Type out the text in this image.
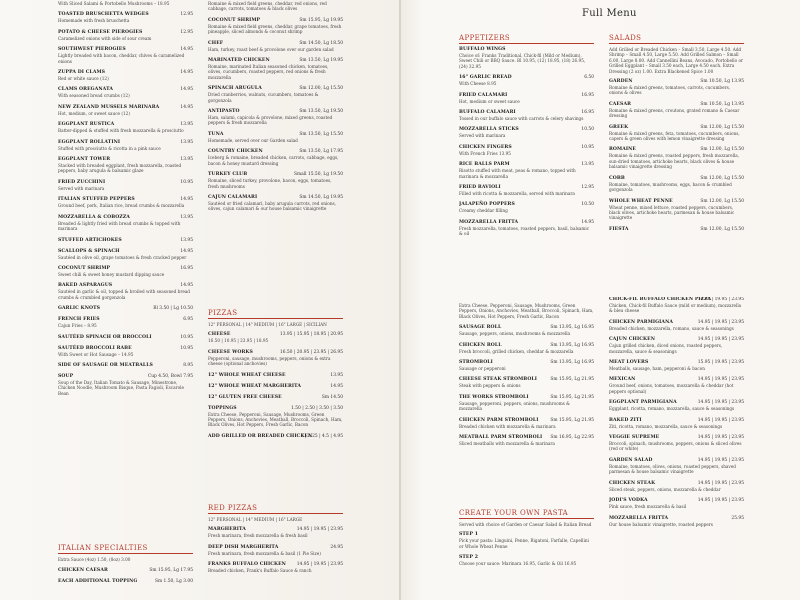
Full Menu
With Sliced Salami & Portobello Mushrooms – 18.95
TOASTED BRUSCHETTA WEDGES	12.95
Homemade with fresh bruschetta
POTATO & CHEESE PIEROGIES	12.95
Caramelized onions with side of sour cream
SOUTHWEST PIEROGIES	14.95
Lightly breaded with bacon, cheddar, chives & caramelized onions
ZUPPA DI CLAMS	14.95
Red or white sauce (12)
CLAMS OREGANATA	14.95
With seasoned bread crumbs (12)
NEW ZEALAND MUSSELS MARINARA	14.95
Hot, medium, or sweet sauce (12)
EGGPLANT RUSTICA	13.95
Batter-dipped & stuffed with fresh mozzarella & prosciutto
EGGPLANT ROLLATINI	13.95
Stuffed with prosciutto & ricotta in a pink sauce
EGGPLANT TOWER	13.95
Stacked with breaded eggplant, fresh mozzarella, roasted peppers, baby arugula & balsamic glaze
FRIED ZUCCHINI	10.95
Served with marinara
ITALIAN STUFFED PEPPERS	14.95
Ground beef, pork, Italian rice, bread crumbs & mozzarella
MOZZARELLA & COBOZZA	13.95
Breaded & lightly fried with bread crumbs & topped with marinara
STUFFED ARTICHOKES	13.95
SCALLOPS & SPINACH	14.95
Sautéed in olive oil, grape tomatoes & fresh cracked pepper
COCONUT SHRIMP	16.95
Sweet chili & sweet honey mustard dipping sauce
BAKED ASPARAGUS	14.95
Sautéed in garlic & oil, topped & broiled with seasoned bread crumbs & crumbled gorgonzola
GARLIC KNOTS	Bl 3.50 | Lg 10.50
FRENCH FRIES	6.95
Cajun Fries – 8.95
SAUTÉED SPINACH OR BROCCOLI	10.95
SAUTÉED BROCCOLI RABE	10.95
With Sweet or Hot Sausage – 14.95
SIDE OF SAUSAGE OR MEATBALLS	8.95
SOUP	Cup 4.50, Bowl 7.95
Soup of the Day, Italian Tomato & Sausage, Minestrone, Chicken Noodle, Mushroom Bisque, Pasta Fagioli, Escarole Bean
ITALIAN SPECIALTIES
Extra Sauce (4oz) 1.50, (8oz) 3.00
CHICKEN CAESAR	Sm 15.95, Lg 17.95
EACH ADDITIONAL TOPPING	Sm 1.50, Lg 3.00
Romaine & mixed field greens, cheddar, red onions, red cabbage, carrots, tomatoes & black olives
COCONUT SHRIMP	Sm 15.95, Lg 19.95
Romaine & mixed field greens, cheddar, grape tomatoes, fresh pineapple, sliced almonds & coconut shrimp
CHEF	Sm 14.50, Lg 18.50
Ham, turkey, roast beef & provolone over our garden salad
MARINATED CHICKEN	Sm 13.50, Lg 19.95
Romaine, marinated Italian seasoned chicken, tomatoes, olives, cucumbers, roasted peppers, red onions & fresh mozzarella
SPINACH ARUGULA	Sm 12.00, Lg 15.50
Dried cranberries, walnuts, cucumbers, tomatoes & gorgonzola
ANTIPASTO	Sm 13.50, Lg 19.50
Ham, salami, capicola & provolone, mixed greens, roasted peppers & fresh mozzarella
TUNA	Sm 13.50, Lg 15.50
Homemade, served over our Garden salad
COUNTRY CHICKEN	Sm 13.50, Lg 17.95
Iceberg & romaine, breaded chicken, carrots, cabbage, eggs, bacon & honey mustard dressing
TURKEY CLUB	Small 15.50, Lg 19.50
Romaine, sliced turkey, provolone, bacon, eggs, tomatoes, fresh mushrooms
CAJUN CALAMARI	Sm 14.50, Lg 19.95
Sautéed or fried calamari, baby arugula carrots, red onions, olives, cajun calamari & our house balsamic vinaigrette
PIZZAS
12" PERSONAL | 14" MEDIUM | 16" LARGE | SICILIAN
CHEESE	13.95 | 15.95 | 18.95 | 20.95
16.50 | 10.95 | 23.95 | 18.95
CHEESE WORKS	16.50 | 20.95 | 23.95 | 26.95
Pepperoni, sausage, mushrooms, peppers, onions & extra cheese (optional anchovies)
12" WHOLE WHEAT CHEESE	13.95
12" WHOLE WHEAT MARGHERITA	14.95
12" GLUTEN FREE CHEESE	Sm 14.50
TOPPINGS	1.50 | 2.50 | 3.50 | 3.50
Extra Cheese, Pepperoni, Sausage, Mushrooms, Green Peppers, Onions, Anchovies, Meatball, Broccoli, Spinach, Ham, Black Olives, Hot Peppers, Fresh Garlic, Bacon
ADD GRILLED OR BREADED CHICKEN
3 | 3.25 | 4.5 | 4.95
RED PIZZAS
12" PERSONAL | 14" MEDIUM | 16" LARGE
MARGHERITA	14.95 | 19.95 | 23.95
Fresh marinara, fresh mozzarella & fresh basil
DEEP DISH MARGHERITA	24.95
Fresh marinara, fresh mozzarella & basil (1 Pie Size)
FRANKS BUFFALO CHICKEN	14.95 | 19.95 | 23.95
Breaded chicken, Frank's Buffalo Sauce & ranch
APPETIZERS
BUFFALO WINGS
Choice of: Franks Traditional, Chick-fil (Mild or Medium), Sweet Chili or BBQ Sauce. Bl 10.95, (12) 18.95, (18) 26.95, (24) 32.95
16" GARLIC BREAD	6.50
With Cheese 8.95
FRIED CALAMARI	16.95
Hot, medium or sweet sauce
BUFFALO CALAMARI	16.95
Tossed in our buffalo sauce with carrots & celery shavings
MOZZARELLA STICKS	10.50
Served with marinara
CHICKEN FINGERS	10.95
With French Fries 13.95
RICE BALLS PARM	13.95
Risotto stuffed with meat, peas & romano, topped with marinara & mozzarella
FRIED RAVIOLI	12.95
Filled with ricotta & mozzarella, served with marinara
JALAPEÑO POPPERS	10.50
Creamy cheddar filling
MOZZARELLA FRITTA	14.95
Fresh mozzarella, tomatoes, roasted peppers, basil, balsamic & oil
Extra Cheese, Pepperoni, Sausage, Mushrooms, Green Peppers, Onions, Anchovies, Meatball, Broccoli, Spinach, Ham, Black Olives, Hot Peppers, Fresh Garlic, Bacon
SAUSAGE ROLL	Sm 13.95, Lg 16.95
Sausage, peppers, onions, mushrooms & mozzarella
CHICKEN ROLL	Sm 13.95, Lg 16.95
Fresh broccoli, grilled chicken, cheddar & mozzarella
STROMBOLI	Sm 13.95, Lg 16.95
Sausage or pepperoni
CHEESE STEAK STROMBOLI	Sm 15.95, Lg 21.95
Steak with peppers & onions
THE WORKS STROMBOLI	Sm 15.95, Lg 21.95
Sausage, pepperoni, peppers, onions, mushrooms & mozzarella
CHICKEN PARM STROMBOLI	Sm 15.95, Lg 21.95
Breaded chicken with mozzarella & marinara
MEATBALL PARM STROMBOLI	Sm 16.95, Lg 22.95
Sliced meatballs with mozzarella & marinara
CREATE YOUR OWN PASTA
Served with choice of Garden or Caesar Salad & Italian Bread
STEP 1
Pick your pasta: Linguini, Penne, Rigatoni, Farfalle, Capellini or Whole Wheat Penne
STEP 2
Choose your sauce: Marinara 16.95, Garlic & Oil 16.95
SALADS
Add Grilled or Breaded Chicken – Small 3.50, Large 4.50. Add Shrimp – Small 4.50, Large 5.50. Add Grilled Salmon – Small 6.00, Large 8.00. Add Cannellini Beans, Avocado, Portobello or Grilled Eggplant – Small 3.50 each, Large 4.50 each. Extra Dressing (2 oz) 1.00. Extra Blackened Spice 1.00
GARDEN	Sm 10.50, Lg 13.95
Romaine & mixed greens, tomatoes, carrots, cucumbers, onions & olives
CAESAR	Sm 10.50, Lg 13.95
Romaine & mixed greens, croutons, grated romano & Caesar dressing
GREEK	Sm 12.00, Lg 15.50
Romaine & mixed greens, feta, tomatoes, cucumbers, onions, capers & green olives with lemon vinaigrette dressing
ROMAINE	Sm 12.00, Lg 15.50
Romaine & mixed greens, roasted peppers, fresh mozzarella, sun-dried tomatoes, artichoke hearts, black olives & house balsamic vinaigrette dressing
COBB	Sm 12.00, Lg 15.50
Romaine, tomatoes, mushrooms, eggs, bacon & crumbled gorgonzola
WHOLE WHEAT PENNE	Sm 12.00, Lg 15.50
Wheat penne, mixed lettuce, roasted peppers, cucumbers, black olives, artichoke hearts, parmesan & house balsamic vinaigrette
FIESTA	Sm 12.00, Lg 15.50
CHICK-FIL BUFFALO CHICKEN PIZZA
14.95 | 19.95 | 23.95
Chicken, Chick-fil Buffalo Sauce (mild or medium), mozzarella & bleu cheese
CHICKEN PARMIGIANA	14.95 | 19.95 | 23.95
Breaded chicken, mozzarella, romano, sauce & seasonings
CAJUN CHICKEN	14.95 | 19.95 | 23.95
Cajun grilled chicken, diced onions, roasted peppers, mozzarella, sauce & seasonings
MEAT LOVERS	15.95 | 19.95 | 23.95
Meatballs, sausage, ham, pepperoni & bacon
MEXICAN	14.95 | 19.95 | 23.95
Ground beef, onions, tomatoes, mozzarella & cheddar (hot peppers optional)
EGGPLANT PARMIGIANA	14.95 | 19.95 | 23.95
Eggplant, ricotta, romano, mozzarella, sauce & seasonings
BAKED ZITI	14.95 | 19.95 | 23.95
Ziti, ricotta, romano, mozzarella, sauce & seasonings
VEGGIE SUPREME	14.95 | 19.95 | 23.95
Broccoli, spinach, mushrooms, peppers, onions & sliced olives (red or white)
GARDEN SALAD	14.95 | 19.95 | 23.95
Romaine, tomatoes, olives, onions, roasted peppers, shaved parmesan & house balsamic vinaigrette
CHICKEN STEAK	14.95 | 19.95 | 23.95
Sliced steak, peppers, onions, mozzarella & cheddar
JODI'S VODKA	14.95 | 19.95 | 23.95
Pink sauce, fresh mozzarella & basil
MOZZARELLA FRITTA	25.95
Our house balsamic vinaigrette, roasted peppers
